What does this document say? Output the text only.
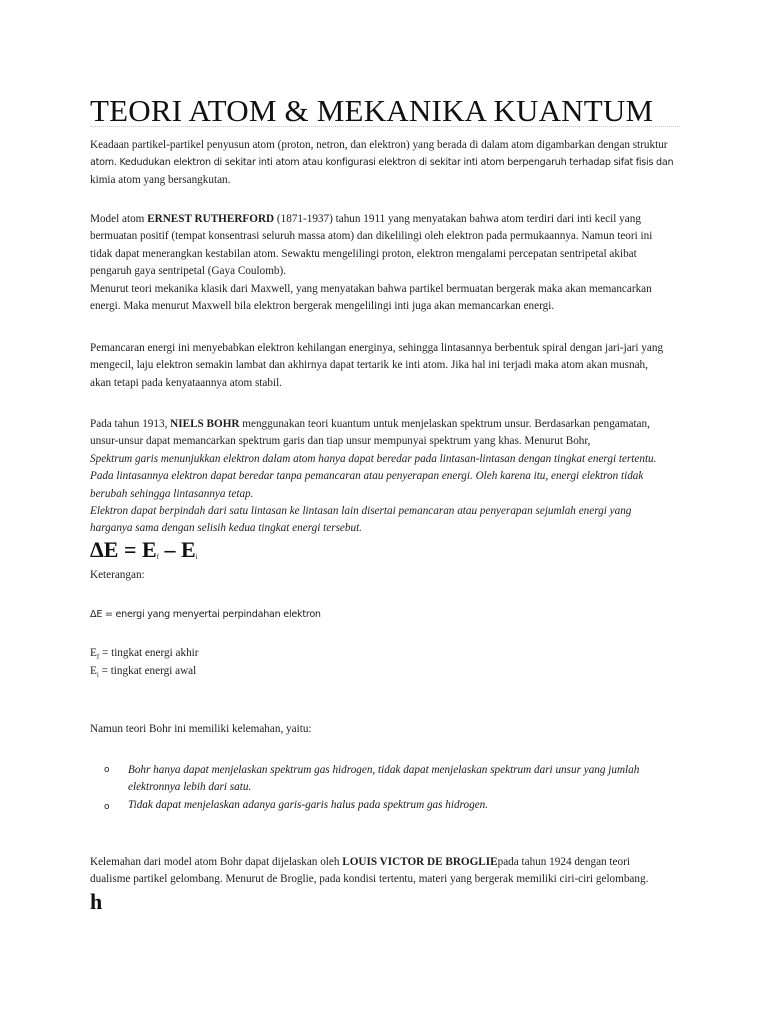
TEORI ATOM & MEKANIKA KUANTUM
Keadaan partikel-partikel penyusun atom (proton, netron, dan elektron) yang berada di dalam atom digambarkan dengan struktur
atom. Kedudukan elektron di sekitar inti atom atau konfigurasi elektron di sekitar inti atom berpengaruh terhadap sifat fisis dan
kimia atom yang bersangkutan.
Model atom ERNEST RUTHERFORD (1871-1937) tahun 1911 yang menyatakan bahwa atom terdiri dari inti kecil yang
bermuatan positif (tempat konsentrasi seluruh massa atom) dan dikelilingi oleh elektron pada permukaannya. Namun teori ini
tidak dapat menerangkan kestabilan atom. Sewaktu mengelilingi proton, elektron mengalami percepatan sentripetal akibat
pengaruh gaya sentripetal (Gaya Coulomb).
Menurut teori mekanika klasik dari Maxwell, yang menyatakan bahwa partikel bermuatan bergerak maka akan memancarkan
energi. Maka menurut Maxwell bila elektron bergerak mengelilingi inti juga akan memancarkan energi.
Pemancaran energi ini menyebabkan elektron kehilangan energinya, sehingga lintasannya berbentuk spiral dengan jari-jari yang
mengecil, laju elektron semakin lambat dan akhirnya dapat tertarik ke inti atom. Jika hal ini terjadi maka atom akan musnah,
akan tetapi pada kenyataannya atom stabil.
Pada tahun 1913, NIELS BOHR menggunakan teori kuantum untuk menjelaskan spektrum unsur. Berdasarkan pengamatan,
unsur-unsur dapat memancarkan spektrum garis dan tiap unsur mempunyai spektrum yang khas. Menurut Bohr,
Spektrum garis menunjukkan elektron dalam atom hanya dapat beredar pada lintasan-lintasan dengan tingkat energi tertentu.
Pada lintasannya elektron dapat beredar tanpa pemancaran atau penyerapan energi. Oleh karena itu, energi elektron tidak
berubah sehingga lintasannya tetap.
Elektron dapat berpindah dari satu lintasan ke lintasan lain disertai pemancaran atau penyerapan sejumlah energi yang
harganya sama dengan selisih kedua tingkat energi tersebut.
$\Delta E = E_f - E_i$
Keterangan:
ΔE = energi yang menyertai perpindahan elektron
$E_f$ = tingkat energi akhir
$E_i$ = tingkat energi awal
Namun teori Bohr ini memiliki kelemahan, yaitu:
o Bohr hanya dapat menjelaskan spektrum gas hidrogen, tidak dapat menjelaskan spektrum dari unsur yang jumlah
elektronnya lebih dari satu.
o Tidak dapat menjelaskan adanya garis-garis halus pada spektrum gas hidrogen.
Kelemahan dari model atom Bohr dapat dijelaskan oleh LOUIS VICTOR DE BROGLIEpada tahun 1924 dengan teori
dualisme partikel gelombang. Menurut de Broglie, pada kondisi tertentu, materi yang bergerak memiliki ciri-ciri gelombang.
h
